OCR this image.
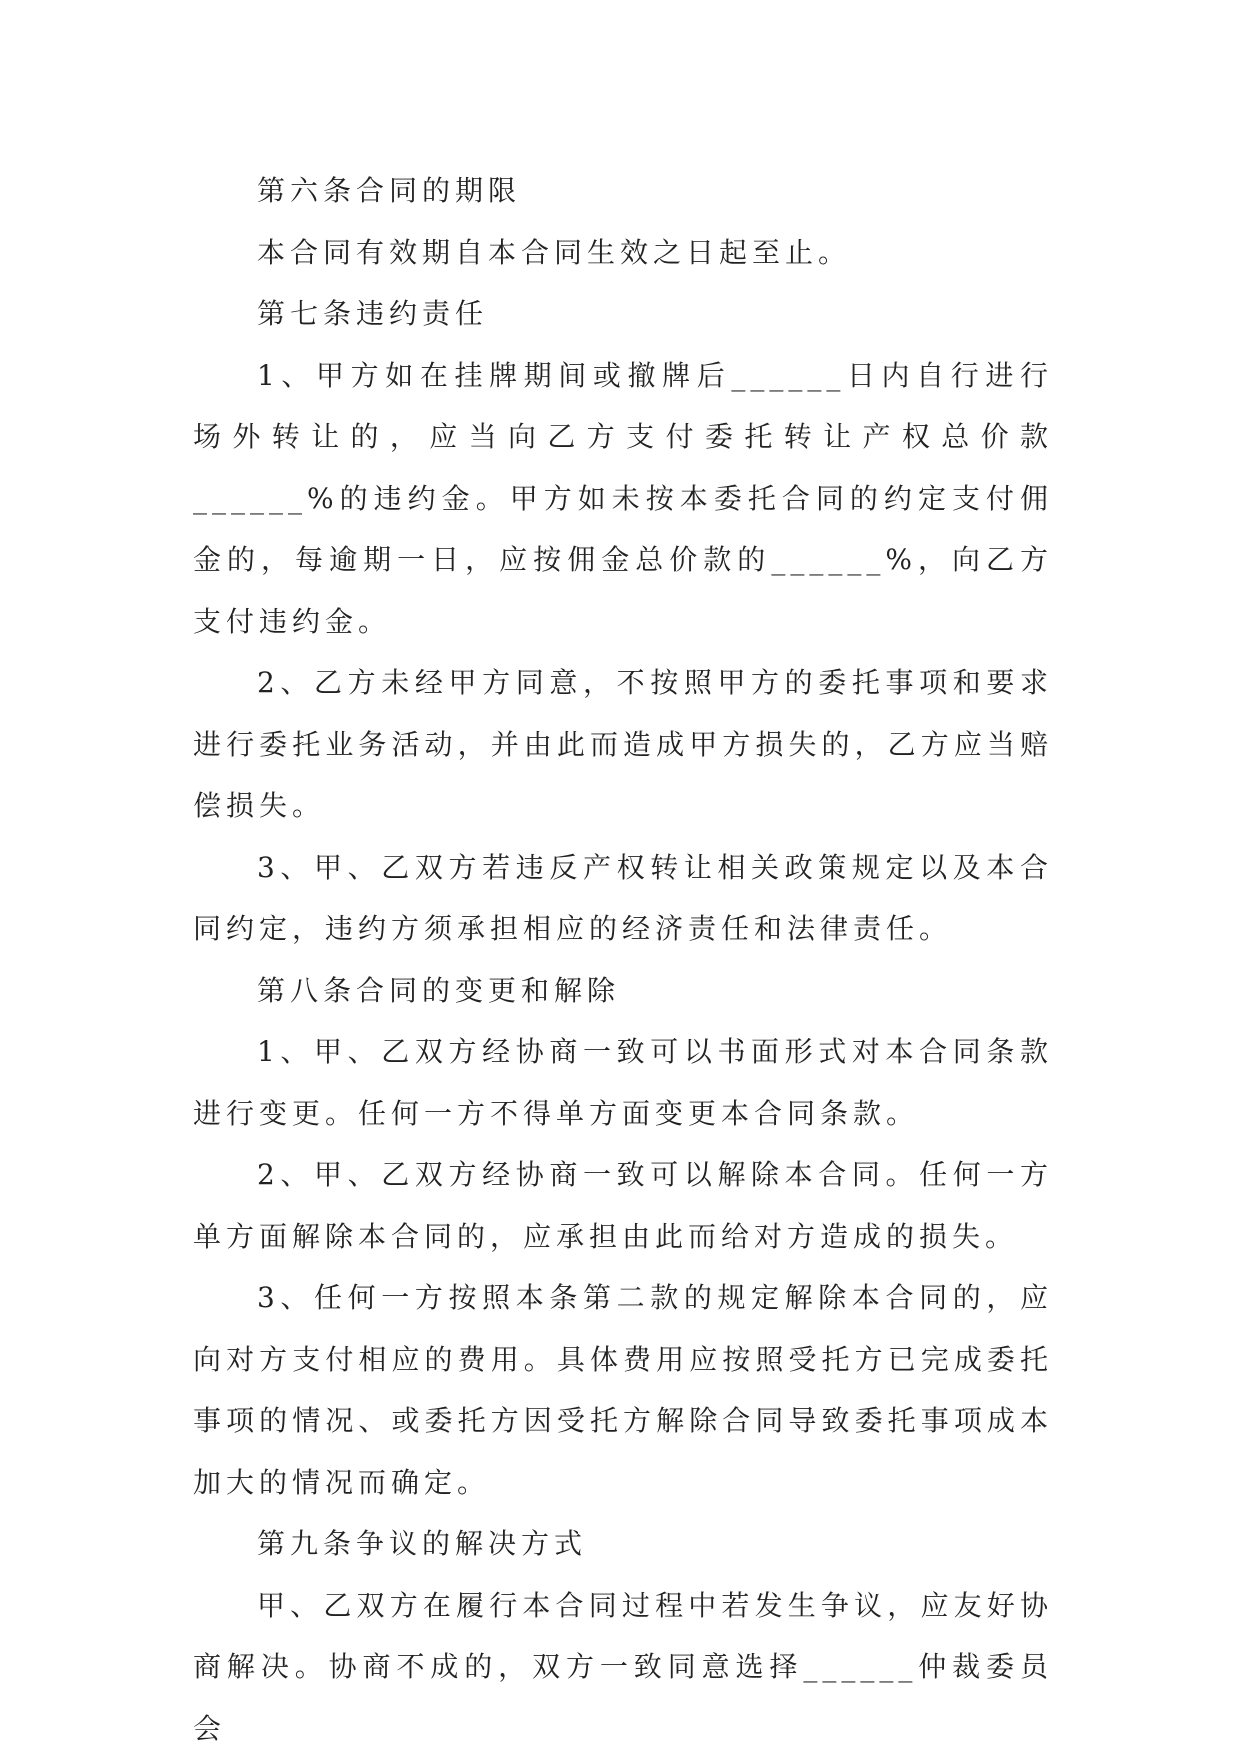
第六条合同的期限

本合同有效期自本合同生效之日起至止。

第七条违约责任

1、甲方如在挂牌期间或撤牌后______日内自行进行场外转让的，应当向乙方支付委托转让产权总价款______%的违约金。甲方如未按本委托合同的约定支付佣金的，每逾期一日，应按佣金总价款的______%，向乙方支付违约金。

2、乙方未经甲方同意，不按照甲方的委托事项和要求进行委托业务活动，并由此而造成甲方损失的，乙方应当赔偿损失。

3、甲、乙双方若违反产权转让相关政策规定以及本合同约定，违约方须承担相应的经济责任和法律责任。

第八条合同的变更和解除

1、甲、乙双方经协商一致可以书面形式对本合同条款进行变更。任何一方不得单方面变更本合同条款。

2、甲、乙双方经协商一致可以解除本合同。任何一方单方面解除本合同的，应承担由此而给对方造成的损失。

3、任何一方按照本条第二款的规定解除本合同的，应向对方支付相应的费用。具体费用应按照受托方已完成委托事项的情况、或委托方因受托方解除合同导致委托事项成本加大的情况而确定。

第九条争议的解决方式

甲、乙双方在履行本合同过程中若发生争议，应友好协商解决。协商不成的，双方一致同意选择______仲裁委员会
